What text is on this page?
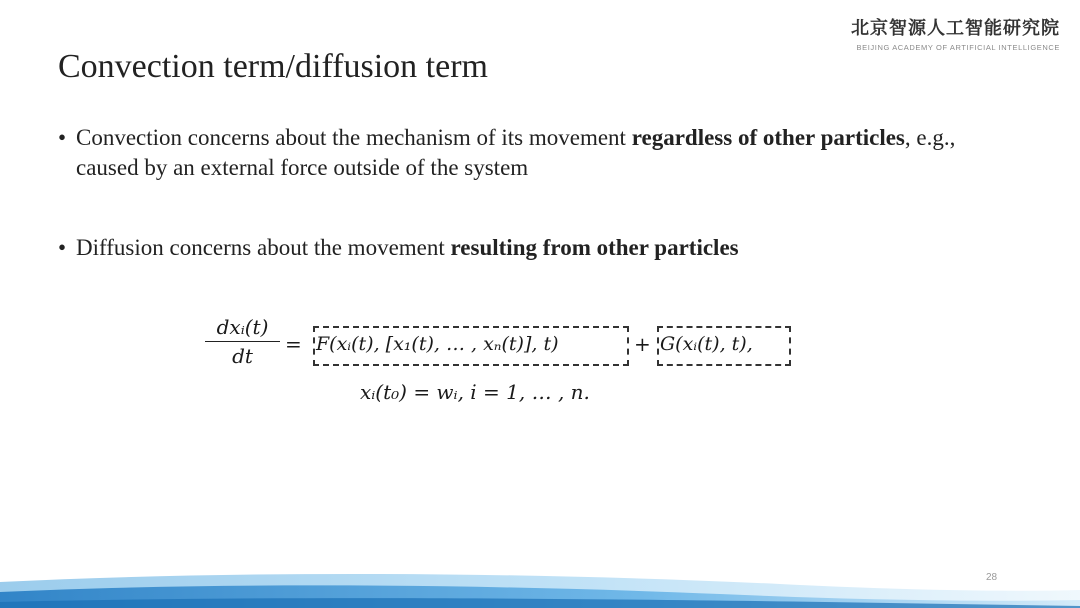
北京智源人工智能研究院
BEIJING ACADEMY OF ARTIFICIAL INTELLIGENCE
Convection term/diffusion term
• Convection concerns about the mechanism of its movement regardless of other particles, e.g., caused by an external force outside of the system
• Diffusion concerns about the movement resulting from other particles
dxᵢ(t)
dt	= F(xᵢ(t), [x₁(t), … , xₙ(t)], t)	+ G(xᵢ(t), t),
xᵢ(t₀) = wᵢ, i = 1, … , n.
28
